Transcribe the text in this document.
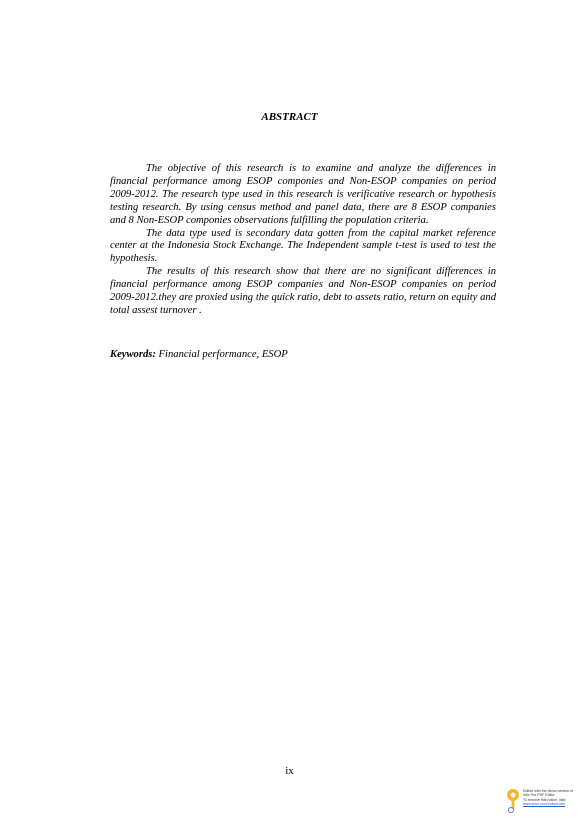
ABSTRACT

The objective of this research is to examine and analyze the differences in financial performance among ESOP componies and Non-ESOP companies on period 2009-2012. The research type used in this research is verificative research or hypothesis testing research. By using census method and panel data, there are 8 ESOP companies and 8 Non-ESOP componies observations fulfilling the population criteria.

The data type used is secondary data gotten from the capital market reference center at the Indonesia Stock Exchange. The Independent sample t-test is used to test the hypothesis.

The results of this research show that there are no significant differences in financial performance among ESOP companies and Non-ESOP companies on period 2009-2012.they are proxied using the quick ratio, debt to assets ratio, return on equity and total assest turnover .

Keywords: Financial performance, ESOP
ix
Edited with the demo version of
Infix Pro PDF Editor
To remove this notice, visit:
www.iceni.com/unlock.htm
